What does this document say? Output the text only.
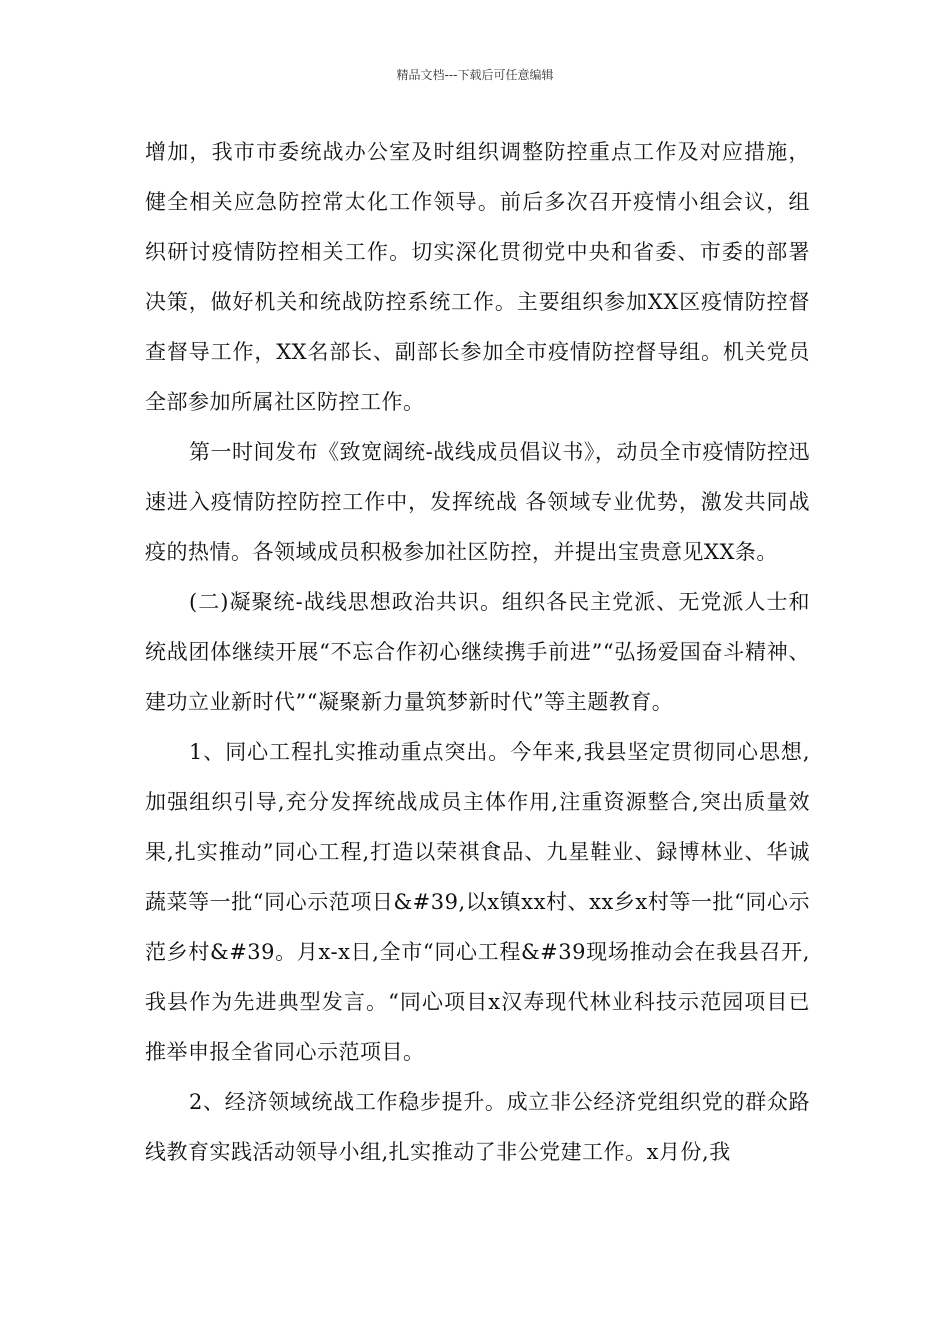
精品文档---下载后可任意编辑

增加，我市市委统战办公室及时组织调整防控重点工作及对应措施，健全相关应急防控常太化工作领导。前后多次召开疫情小组会议，组织研讨疫情防控相关工作。切实深化贯彻党中央和省委、市委的部署决策，做好机关和统战防控系统工作。主要组织参加XX区疫情防控督查督导工作，XX名部长、副部长参加全市疫情防控督导组。机关党员全部参加所属社区防控工作。

第一时间发布《致宽阔统-战线成员倡议书》，动员全市疫情防控迅速进入疫情防控防控工作中，发挥统战 各领域专业优势，激发共同战疫的热情。各领域成员积极参加社区防控，并提出宝贵意见XX条。

(二)凝聚统-战线思想政治共识。组织各民主党派、无党派人士和统战团体继续开展“不忘合作初心继续携手前进”“弘扬爱国奋斗精神、建功立业新时代”“凝聚新力量筑梦新时代”等主题教育。

1、同心工程扎实推动重点突出。今年来,我县坚定贯彻同心思想,加强组织引导,充分发挥统战成员主体作用,注重资源整合,突出质量效果,扎实推动”同心工程,打造以荣祺食品、九星鞋业、録博林业、华诚蔬菜等一批“同心示范项日&#39,以x镇xx村、xx乡x村等一批“同心示范乡村&#39。月x-x日,全市“同心工程&#39现场推动会在我县召开,我县作为先进典型发言。“同心项目x汉寿现代林业科技示范园项目已推举申报全省同心示范项目。

2、经济领域统战工作稳步提升。成立非公经济党组织党的群众路线教育实践活动领导小组,扎实推动了非公党建工作。x月份,我
